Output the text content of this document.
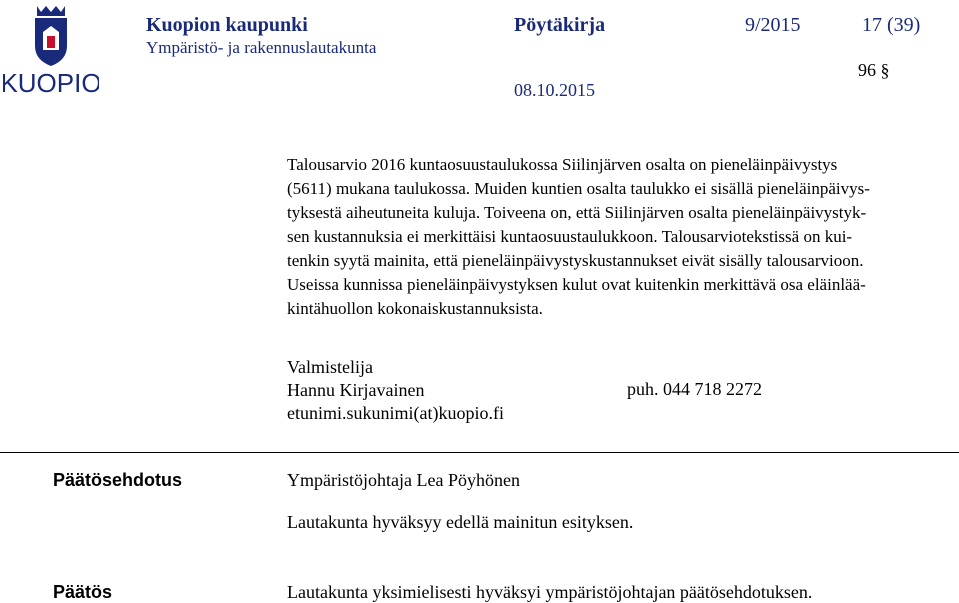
KUOPIO
Kuopion kaupunki
Ympäristö- ja rakennuslautakunta
Pöytäkirja	9/2015	17 (39)
96 §
08.10.2015
Talousarvio 2016 kuntaosuustaulukossa Siilinjärven osalta on pieneläinpäivystys
(5611) mukana taulukossa. Muiden kuntien osalta taulukko ei sisällä pieneläinpäivys-
tyksestä aiheutuneita kuluja. Toiveena on, että Siilinjärven osalta pieneläinpäivystyk-
sen kustannuksia ei merkittäisi kuntaosuustaulukkoon. Talousarviotekstissä on kui-
tenkin syytä mainita, että pieneläinpäivystyskustannukset eivät sisälly talousarvioon.
Useissa kunnissa pieneläinpäivystyksen kulut ovat kuitenkin merkittävä osa eläinlää-
kintähuollon kokonaiskustannuksista.
Valmistelija
Hannu Kirjavainen
etunimi.sukunimi(at)kuopio.fi
puh. 044 718 2272
Päätösehdotus	Ympäristöjohtaja Lea Pöyhönen
Lautakunta hyväksyy edellä mainitun esityksen.
Päätös	Lautakunta yksimielisesti hyväksyi ympäristöjohtajan päätösehdotuksen.
